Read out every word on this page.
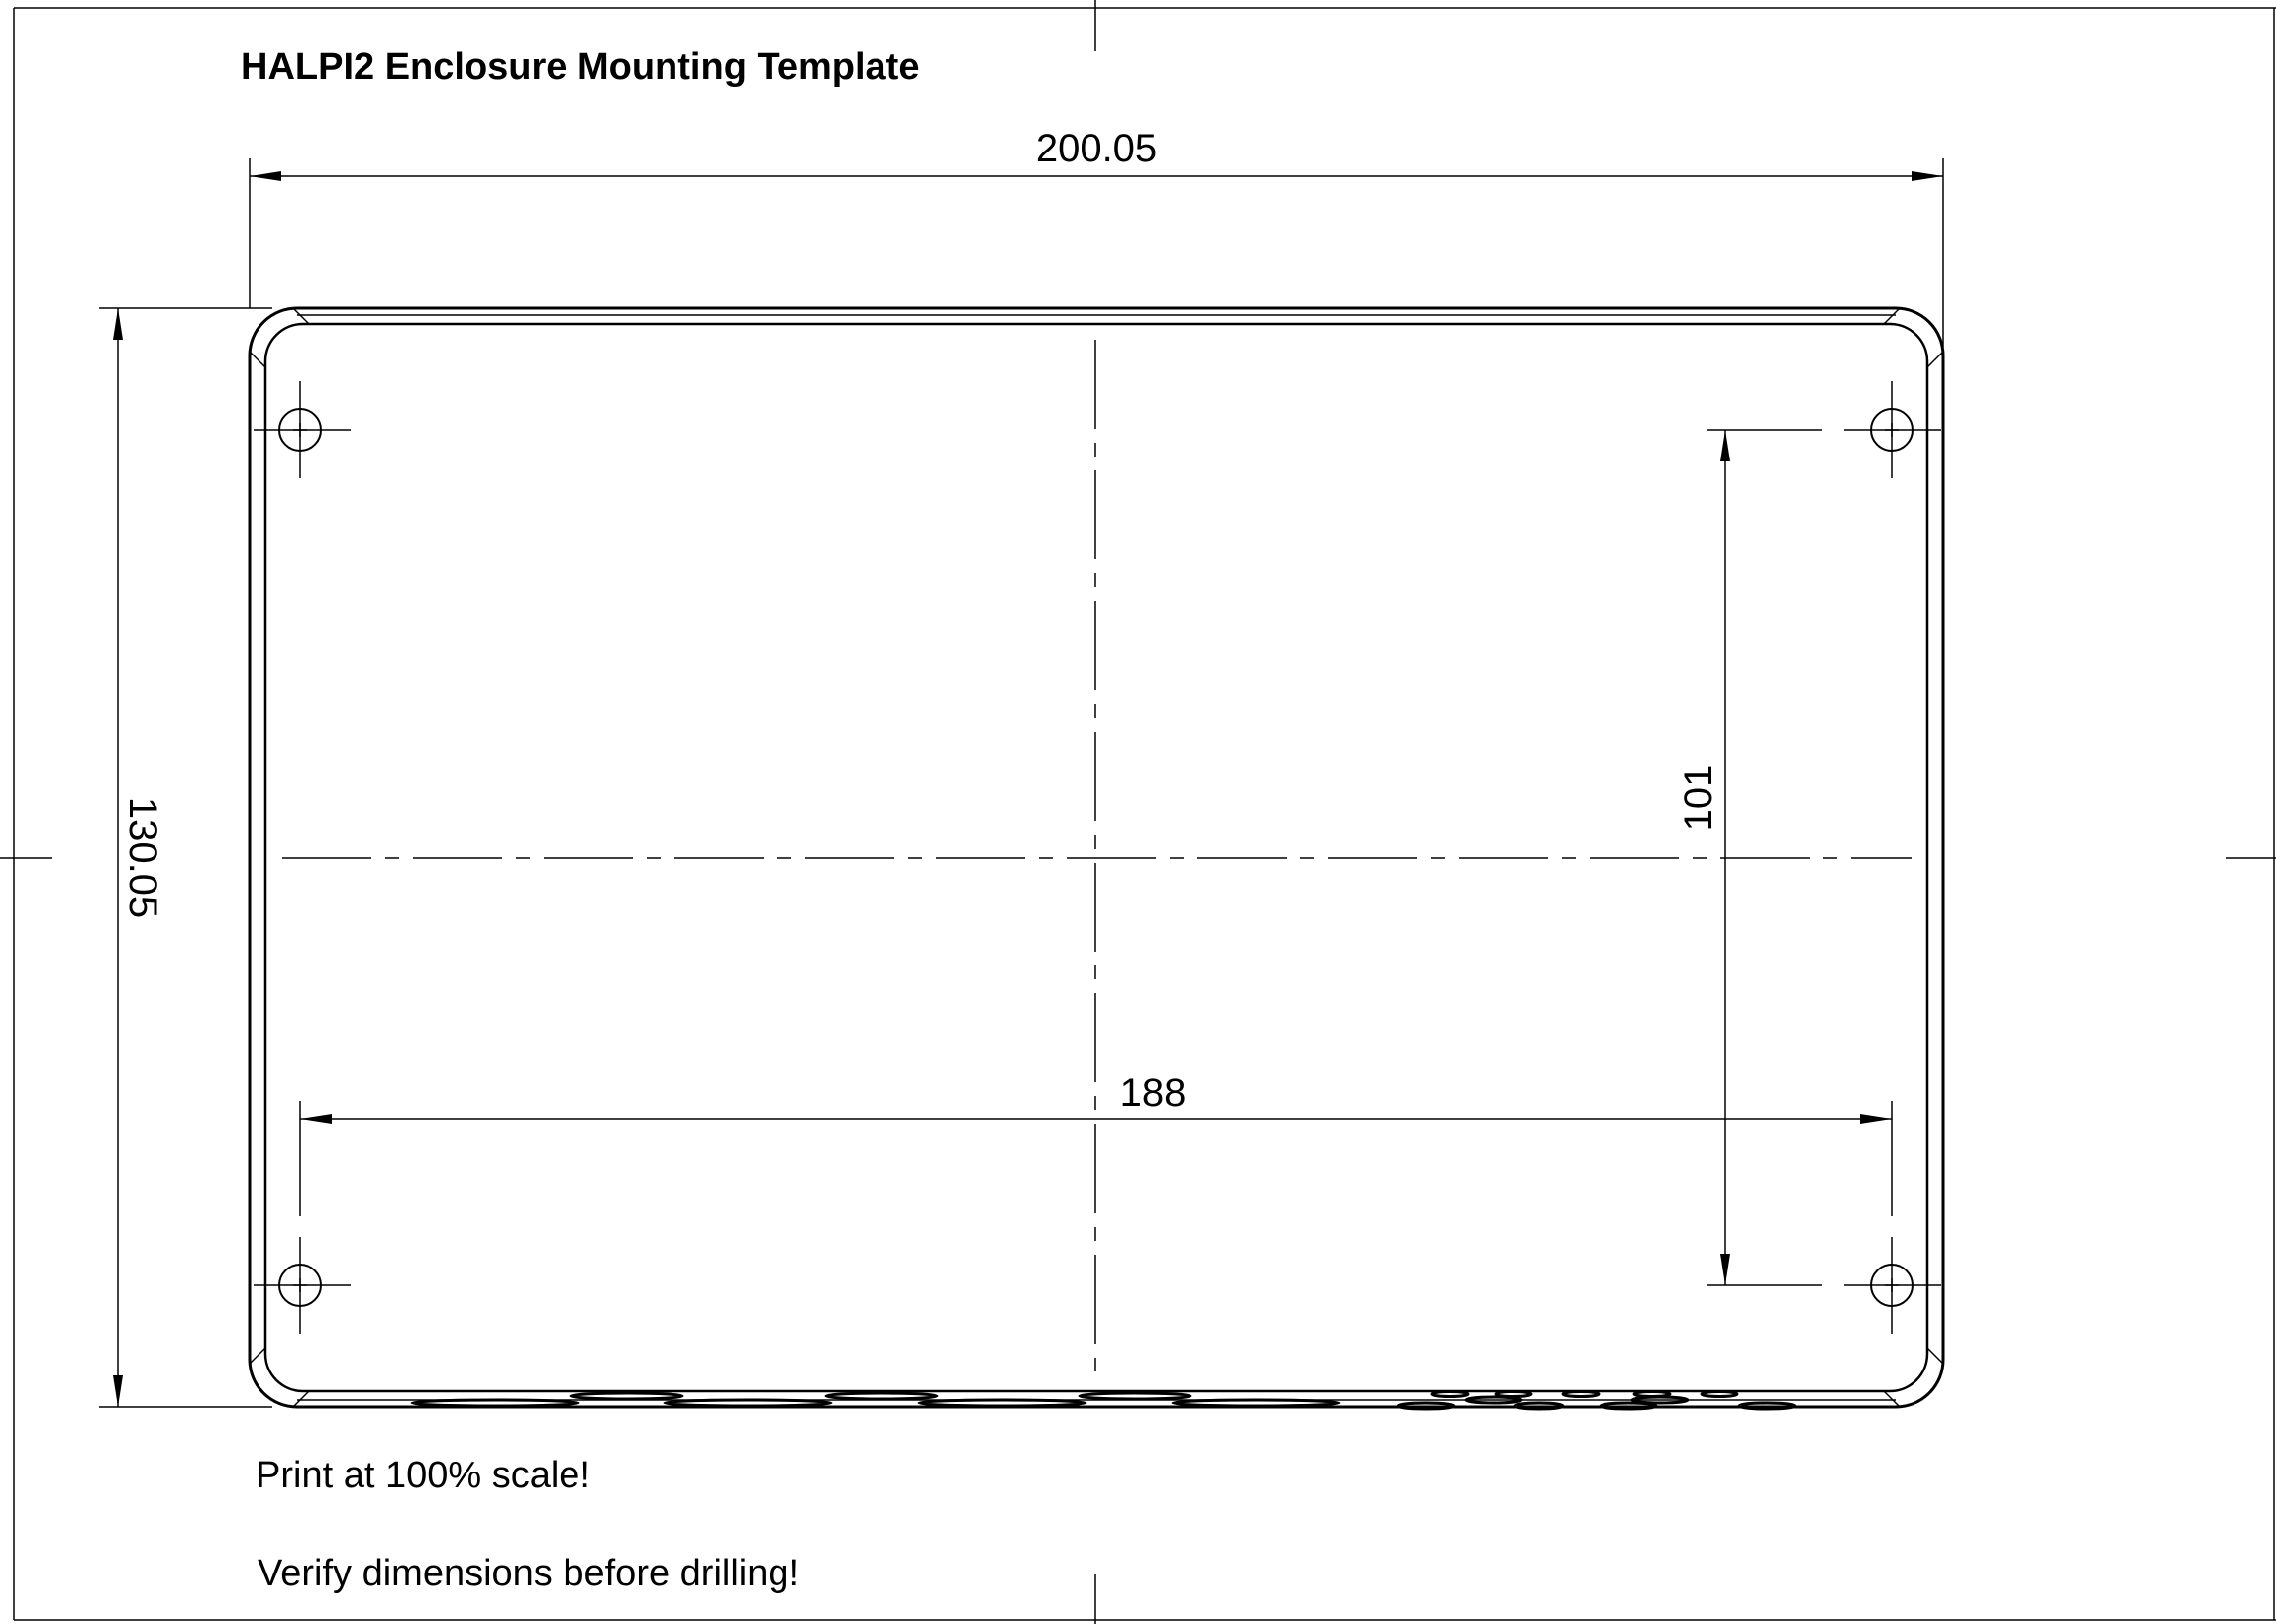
HALPI2 Enclosure Mounting Template
200.05
130.05
188
101
Print at 100% scale!
Verify dimensions before drilling!
